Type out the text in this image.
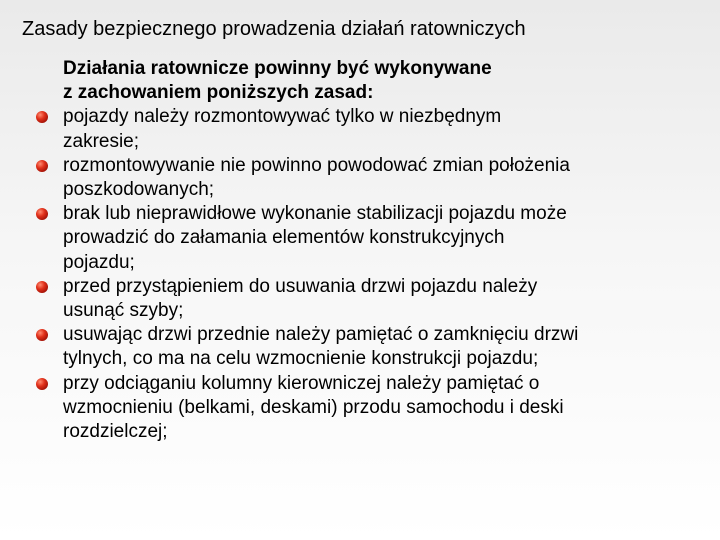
Zasady bezpiecznego prowadzenia działań ratowniczych

Działania ratownicze powinny być wykonywane
z zachowaniem poniższych zasad:

pojazdy należy rozmontowywać tylko w niezbędnym
zakresie;
rozmontowywanie nie powinno powodować zmian położenia
poszkodowanych;
brak lub nieprawidłowe wykonanie stabilizacji pojazdu może
prowadzić do załamania elementów konstrukcyjnych
pojazdu;
przed przystąpieniem do usuwania drzwi pojazdu należy
usunąć szyby;
usuwając drzwi przednie należy pamiętać o zamknięciu drzwi
tylnych, co ma na celu wzmocnienie konstrukcji pojazdu;
przy odciąganiu kolumny kierowniczej należy pamiętać o
wzmocnieniu (belkami, deskami) przodu samochodu i deski
rozdzielczej;
